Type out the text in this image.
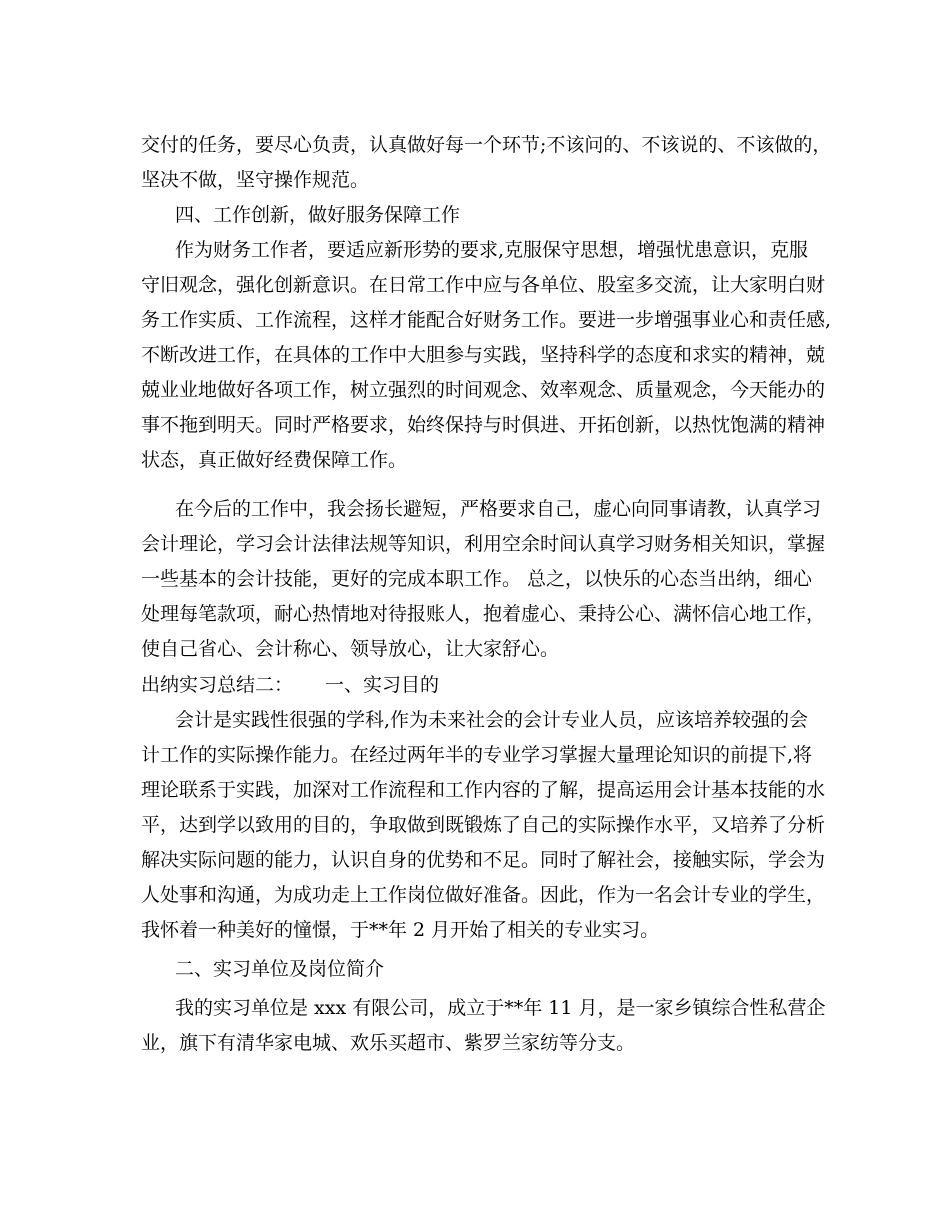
交付的任务，要尽心负责，认真做好每一个环节;不该问的、不该说的、不该做的，
坚决不做，坚守操作规范。
四、工作创新，做好服务保障工作
作为财务工作者，要适应新形势的要求,克服保守思想，增强忧患意识，克服
守旧观念，强化创新意识。在日常工作中应与各单位、股室多交流，让大家明白财
务工作实质、工作流程，这样才能配合好财务工作。要进一步增强事业心和责任感,
不断改进工作，在具体的工作中大胆参与实践，坚持科学的态度和求实的精神，兢
兢业业地做好各项工作，树立强烈的时间观念、效率观念、质量观念，今天能办的
事不拖到明天。同时严格要求，始终保持与时俱进、开拓创新，以热忱饱满的精神
状态，真正做好经费保障工作。
在今后的工作中，我会扬长避短，严格要求自己，虚心向同事请教，认真学习
会计理论，学习会计法律法规等知识，利用空余时间认真学习财务相关知识，掌握
一些基本的会计技能，更好的完成本职工作。 总之，以快乐的心态当出纳，细心
处理每笔款项，耐心热情地对待报账人，抱着虚心、秉持公心、满怀信心地工作，
使自己省心、会计称心、领导放心，让大家舒心。
出纳实习总结二： 一、实习目的
会计是实践性很强的学科,作为未来社会的会计专业人员，应该培养较强的会
计工作的实际操作能力。在经过两年半的专业学习掌握大量理论知识的前提下,将
理论联系于实践，加深对工作流程和工作内容的了解，提高运用会计基本技能的水
平，达到学以致用的目的，争取做到既锻炼了自己的实际操作水平，又培养了分析
解决实际问题的能力，认识自身的优势和不足。同时了解社会，接触实际，学会为
人处事和沟通，为成功走上工作岗位做好准备。因此，作为一名会计专业的学生，
我怀着一种美好的憧憬，于**年 2 月开始了相关的专业实习。
二、实习单位及岗位简介
我的实习单位是 xxx 有限公司，成立于**年 11 月，是一家乡镇综合性私营企
业，旗下有清华家电城、欢乐买超市、紫罗兰家纺等分支。
